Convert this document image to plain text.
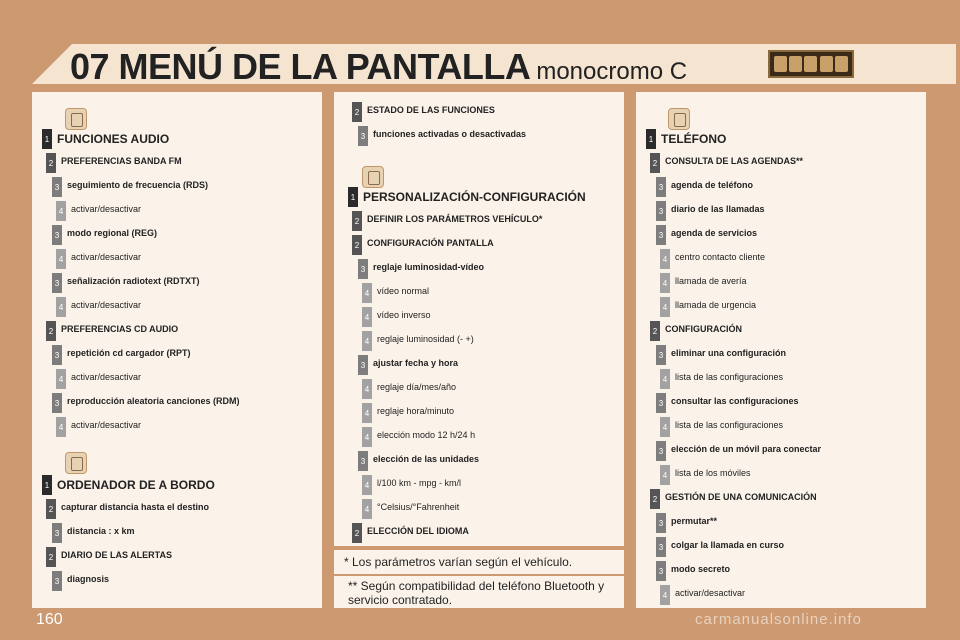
07 MENÚ DE LA PANTALLA monocromo C
* Los parámetros varían según el vehículo.
** Según compatibilidad del teléfono Bluetooth y servicio contratado.
160	carmanualsonline.info
1 FUNCIONES AUDIO
2 PREFERENCIAS BANDA FM
3 seguimiento de frecuencia (RDS)
4 activar/desactivar
3 modo regional (REG)
4 activar/desactivar
3 señalización radiotext (RDTXT)
4 activar/desactivar
2 PREFERENCIAS CD AUDIO
3 repetición cd cargador (RPT)
4 activar/desactivar
3 reproducción aleatoria canciones (RDM)
4 activar/desactivar
1 ORDENADOR DE A BORDO
2 capturar distancia hasta el destino
3 distancia : x km
2 DIARIO DE LAS ALERTAS
3 diagnosis
2 ESTADO DE LAS FUNCIONES
3 funciones activadas o desactivadas
1 PERSONALIZACIÓN-CONFIGURACIÓN
2 DEFINIR LOS PARÁMETROS VEHÍCULO*
2 CONFIGURACIÓN PANTALLA
3 reglaje luminosidad-vídeo
4 vídeo normal
4 vídeo inverso
4 reglaje luminosidad (- +)
3 ajustar fecha y hora
4 reglaje día/mes/año
4 reglaje hora/minuto
4 elección modo 12 h/24 h
3 elección de las unidades
4 l/100 km - mpg - km/l
4 °Celsius/°Fahrenheit
2 ELECCIÓN DEL IDIOMA
1 TELÉFONO
2 CONSULTA DE LAS AGENDAS**
3 agenda de teléfono
3 diario de las llamadas
3 agenda de servicios
4 centro contacto cliente
4 llamada de avería
4 llamada de urgencia
2 CONFIGURACIÓN
3 eliminar una configuración
4 lista de las configuraciones
3 consultar las configuraciones
4 lista de las configuraciones
3 elección de un móvil para conectar
4 lista de los móviles
2 GESTIÓN DE UNA COMUNICACIÓN
3 permutar**
3 colgar la llamada en curso
3 modo secreto
4 activar/desactivar
